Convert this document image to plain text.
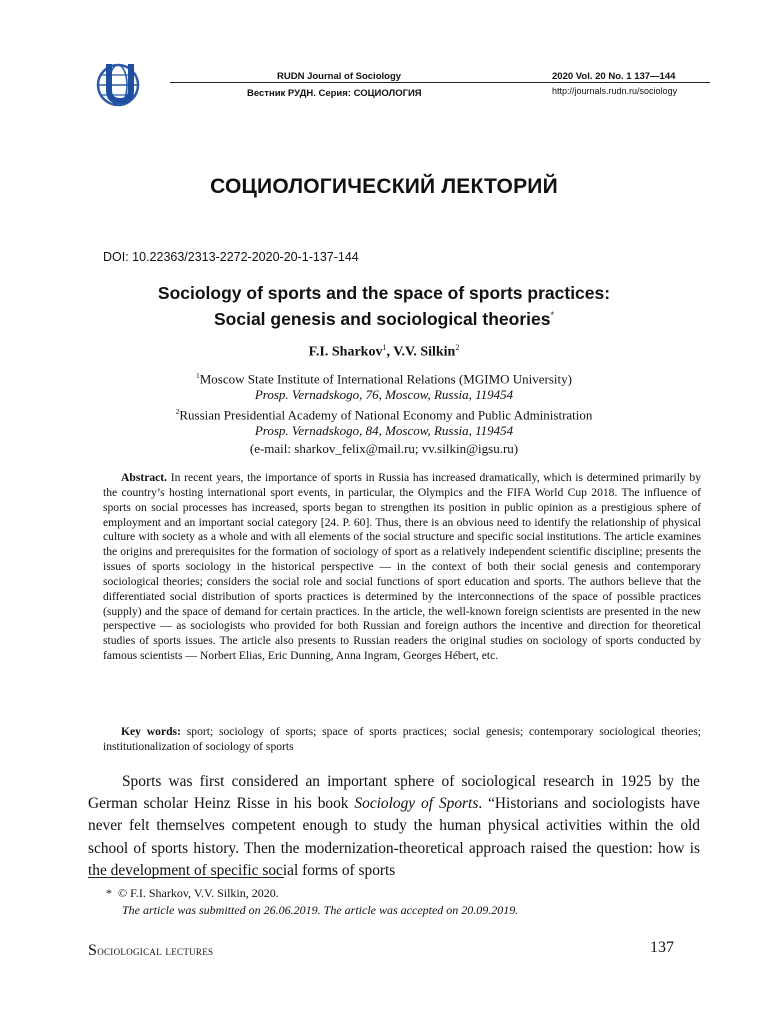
RUDN Journal of Sociology
Вестник РУДН. Серия: СОЦИОЛОГИЯ
2020 Vol. 20 No. 1 137—144
http://journals.rudn.ru/sociology
СОЦИОЛОГИЧЕСКИЙ ЛЕКТОРИЙ
DOI: 10.22363/2313-2272-2020-20-1-137-144
Sociology of sports and the space of sports practices:
Social genesis and sociological theories*
F.I. Sharkov$^1$, V.V. Silkin$^2$
$^1$Moscow State Institute of International Relations (MGIMO University)
Prosp. Vernadskogo, 76, Moscow, Russia, 119454
$^2$Russian Presidential Academy of National Economy and Public Administration
Prosp. Vernadskogo, 84, Moscow, Russia, 119454
(e-mail: sharkov_felix@mail.ru; vv.silkin@igsu.ru)

Abstract. In recent years, the importance of sports in Russia has increased dramatically, which is determined primarily by the country’s hosting international sport events, in particular, the Olympics and the FIFA World Cup 2018. The influence of sports on social processes has increased, sports began to strengthen its position in public opinion as a prestigious sphere of employment and an important social category [24. P. 60]. Thus, there is an obvious need to identify the relationship of physical culture with society as a whole and with all elements of the social structure and specific social institutions. The article examines the origins and prerequisites for the formation of sociology of sport as a relatively independent scientific discipline; presents the issues of sports sociology in the historical perspective — in the context of both their social genesis and contemporary sociological theories; considers the social role and social functions of sport education and sports. The authors believe that the differentiated social distribution of sports practices is determined by the interconnections of the space of possible practices (supply) and the space of demand for certain practices. In the article, the well-known foreign scientists are presented in the new perspective — as sociologists who provided for both Russian and foreign authors the incentive and direction for theoretical studies of sports issues. The article also presents to Russian readers the original studies on sociology of sports conducted by famous scientists — Norbert Elias, Eric Dunning, Anna Ingram, Georges Hébert, etc.

Key words: sport; sociology of sports; space of sports practices; social genesis; contemporary sociological theories; institutionalization of sociology of sports

Sports was first considered an important sphere of sociological research in 1925 by the German scholar Heinz Risse in his book Sociology of Sports. “Historians and sociologists have never felt themselves competent enough to study the human physical activities within the old school of sports history. Then the modernization-theoretical approach raised the question: how is the development of specific social forms of sports

* © F.I. Sharkov, V.V. Silkin, 2020.
The article was submitted on 26.06.2019. The article was accepted on 20.09.2019.
Sociological lectures	137
